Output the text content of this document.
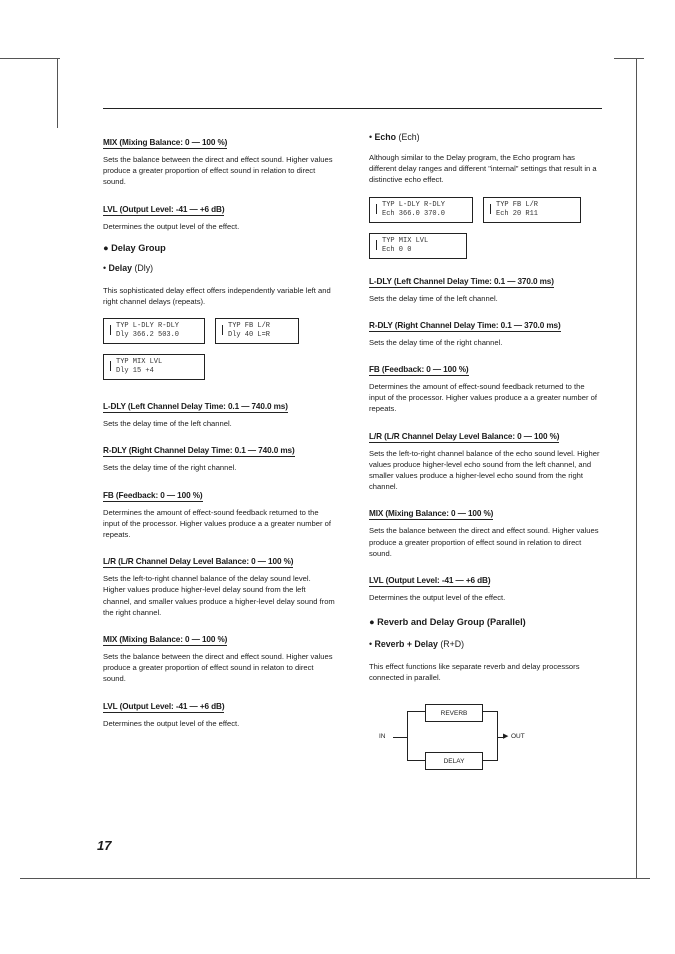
MIX (Mixing Balance: 0 — 100 %)

Sets the balance between the direct and effect sound. Higher values produce a greater proportion of effect sound in relation to direct sound.

LVL (Output Level: -41 — +6 dB)

Determines the output level of the effect.

● Delay Group
• Delay (Dly)

This sophisticated delay effect offers independently variable left and right channel delays (repeats).

TYP L-DLY R-DLY
Dly 366.2 503.0
TYP FB L/R
Dly 40 L=R
TYP MIX LVL
Dly 15 +4
L-DLY (Left Channel Delay Time: 0.1 — 740.0 ms)

Sets the delay time of the left channel.

R-DLY (Right Channel Delay Time: 0.1 — 740.0 ms)

Sets the delay time of the right channel.

FB (Feedback: 0 — 100 %)

Determines the amount of effect-sound feedback returned to the input of the processor. Higher values produce a a greater number of repeats.

L/R (L/R Channel Delay Level Balance: 0 — 100 %)

Sets the left-to-right channel balance of the delay sound level. Higher values produce higher-level delay sound from the left channel, and smaller values produce a higher-level delay sound from the right channel.

MIX (Mixing Balance: 0 — 100 %)

Sets the balance between the direct and effect sound. Higher values produce a greater proportion of effect sound in relaton to direct sound.

LVL (Output Level: -41 — +6 dB)

Determines the output level of the effect.

• Echo (Ech)

Although similar to the Delay program, the Echo program has different delay ranges and different "internal" settings that result in a distinctive echo effect.

TYP L-DLY R-DLY
Ech 366.0 370.0
TYP FB L/R
Ech 20 R11
TYP MIX LVL
Ech 0 0
L-DLY (Left Channel Delay Time: 0.1 — 370.0 ms)

Sets the delay time of the left channel.

R-DLY (Right Channel Delay Time: 0.1 — 370.0 ms)

Sets the delay time of the right channel.

FB (Feedback: 0 — 100 %)

Determines the amount of effect-sound feedback returned to the input of the processor. Higher values produce a a greater number of repeats.

L/R (L/R Channel Delay Level Balance: 0 — 100 %)

Sets the left-to-right channel balance of the echo sound level. Higher values produce higher-level echo sound from the left channel, and smaller values produce a higher-level echo sound from the right channel.

MIX (Mixing Balance: 0 — 100 %)

Sets the balance between the direct and effect sound. Higher values produce a greater proportion of effect sound in relation to direct sound.

LVL (Output Level: -41 — +6 dB)

Determines the output level of the effect.

● Reverb and Delay Group (Parallel)
• Reverb + Delay (R+D)

This effect functions like separate reverb and delay processors connected in parallel.

IN
REVERB
DELAY
▶ OUT
17
